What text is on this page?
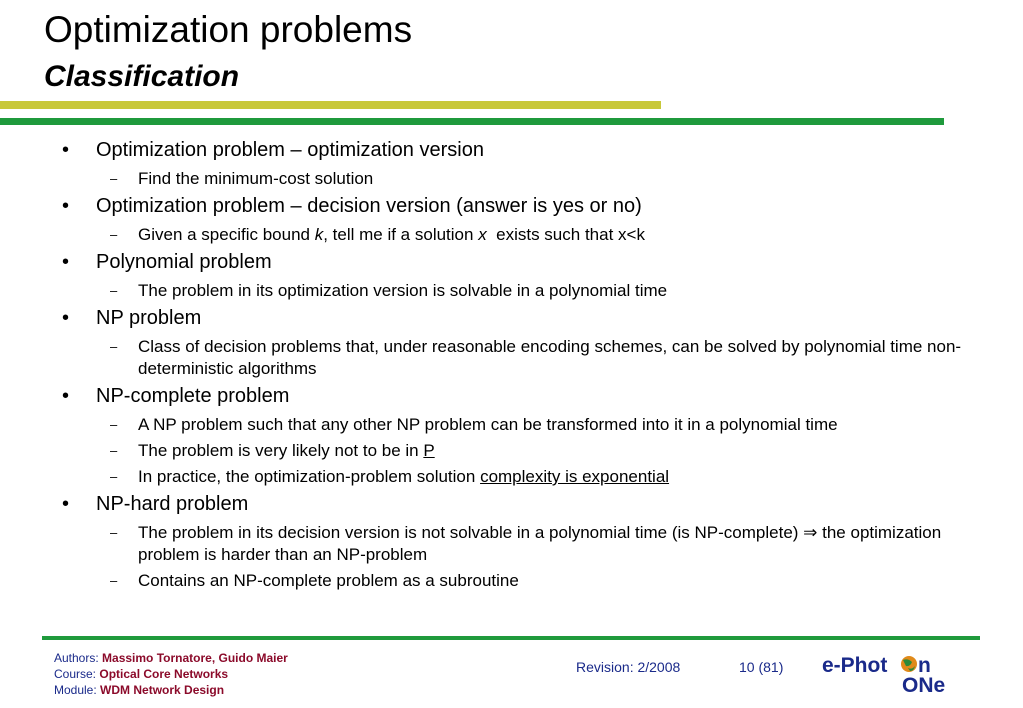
Optimization problems
Classification
• Optimization problem – optimization version
– Find the minimum-cost solution
• Optimization problem – decision version (answer is yes or no)
– Given a specific bound k, tell me if a solution x  exists such that x<k
• Polynomial problem
– The problem in its optimization version is solvable in a polynomial time
• NP problem
– Class of decision problems that, under reasonable encoding schemes, can be solved by polynomial time non-deterministic algorithms
• NP-complete problem
– A NP problem such that any other NP problem can be transformed into it in a polynomial time
– The problem is very likely not to be in P
– In practice, the optimization-problem solution complexity is exponential
• NP-hard problem
– The problem in its decision version is not solvable in a polynomial time (is NP-complete) ⇒ the optimization problem is harder than an NP-problem
– Contains an NP-complete problem as a subroutine
Authors: Massimo Tornatore, Guido Maier
Course: Optical Core Networks
Module: WDM Network Design
Revision: 2/2008	10 (81) e-Phot n
ONe
